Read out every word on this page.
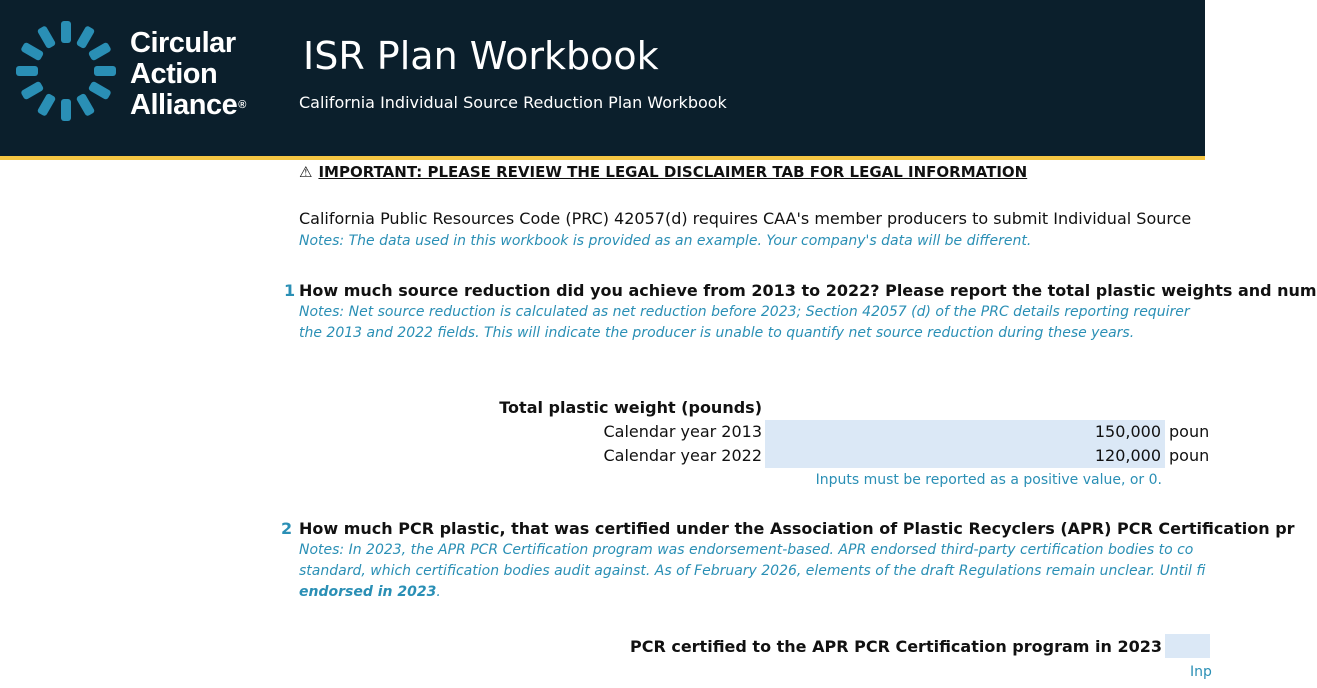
Circular
Action
Alliance®
ISR Plan Workbook
California Individual Source Reduction Plan Workbook
⚠ IMPORTANT: PLEASE REVIEW THE LEGAL DISCLAIMER TAB FOR LEGAL INFORMATION
California Public Resources Code (PRC) 42057(d) requires CAA's member producers to submit Individual Source
Notes: The data used in this workbook is provided as an example. Your company's data will be different.
1 How much source reduction did you achieve from 2013 to 2022? Please report the total plastic weights and num
Notes: Net source reduction is calculated as net reduction before 2023; Section 42057 (d) of the PRC details reporting requirer
the 2013 and 2022 fields. This will indicate the producer is unable to quantify net source reduction during these years.
Total plastic weight (pounds)
Calendar year 2013	150,000 poun
Calendar year 2022	120,000 poun
Inputs must be reported as a positive value, or 0.
2 How much PCR plastic, that was certified under the Association of Plastic Recyclers (APR) PCR Certification pr
Notes: In 2023, the APR PCR Certification program was endorsement-based. APR endorsed third-party certification bodies to co
standard, which certification bodies audit against. As of February 2026, elements of the draft Regulations remain unclear. Until fi
endorsed in 2023.
PCR certified to the APR PCR Certification program in 2023
Inp
